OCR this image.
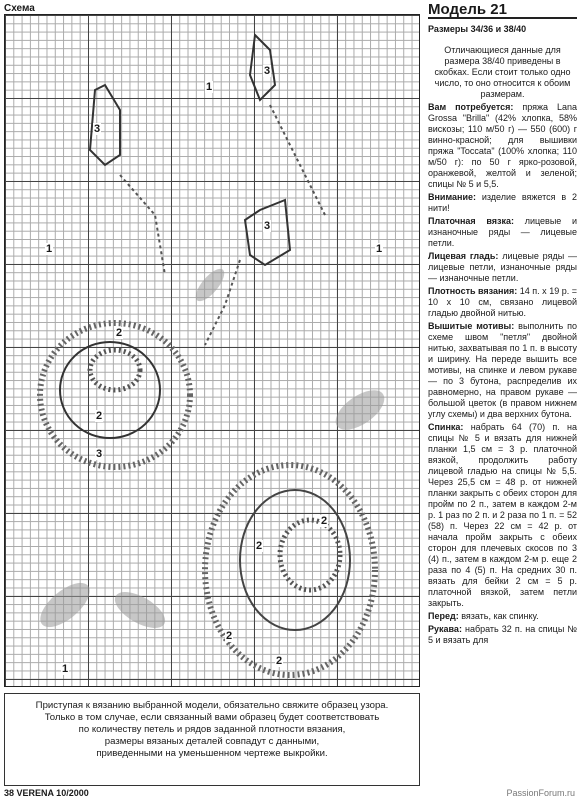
Схема
1
1	1
1
2
2
2
2
2
2
3
3
3
3

Приступая к вязанию выбранной модели, обязательно свяжите образец узора.

Только в том случае, если связанный вами образец будет соответствовать

по количеству петель и рядов заданной плотности вязания,

размеры вязаных деталей совпадут с данными,

приведенными на уменьшенном чертеже выкройки.

38 VERENA 10/2000
Модель 21
Размеры 34/36 и 38/40

Отличающиеся данные для размера 38/40 приведены в скобках. Если стоит только одно число, то оно относится к обоим размерам.

Вам потребуется: пряжа Lana Grossa "Brilla" (42% хлопка, 58% вискозы; 110 м/50 г) — 550 (600) г винно-красной; для вышивки пряжа "Toccata" (100% хлопка; 110 м/50 г): по 50 г ярко-розовой, оранжевой, желтой и зеленой; спицы № 5 и 5,5.

Внимание: изделие вяжется в 2 нити!

Платочная вязка: лицевые и изнаночные ряды — лицевые петли.

Лицевая гладь: лицевые ряды — лицевые петли, изнаночные ряды — изнаночные петли.

Плотность вязания: 14 п. х 19 р. = 10 х 10 см, связано лицевой гладью двойной нитью.

Вышитые мотивы: выполнить по схеме швом "петля" двойной нитью, захватывая по 1 п. в высоту и ширину. На переде вышить все мотивы, на спинке и левом рукаве — по 3 бутона, распределив их равномерно, на правом рукаве — большой цветок (в правом нижнем углу схемы) и два верхних бутона.

Спинка: набрать 64 (70) п. на спицы № 5 и вязать для нижней планки 1,5 см = 3 р. платочной вязкой, продолжить работу лицевой гладью на спицы № 5,5. Через 25,5 см = 48 р. от нижней планки закрыть с обеих сторон для пройм по 2 п., затем в каждом 2-м р. 1 раз по 2 п. и 2 раза по 1 п. = 52 (58) п. Через 22 см = 42 р. от начала пройм закрыть с обеих сторон для плечевых скосов по 3 (4) п., затем в каждом 2-м р. еще 2 раза по 4 (5) п. На средних 30 п. вязать для бейки 2 см = 5 р. платочной вязкой, затем петли закрыть.

Перед: вязать, как спинку.

Рукава: набрать 32 п. на спицы № 5 и вязать для

PassionForum.ru
